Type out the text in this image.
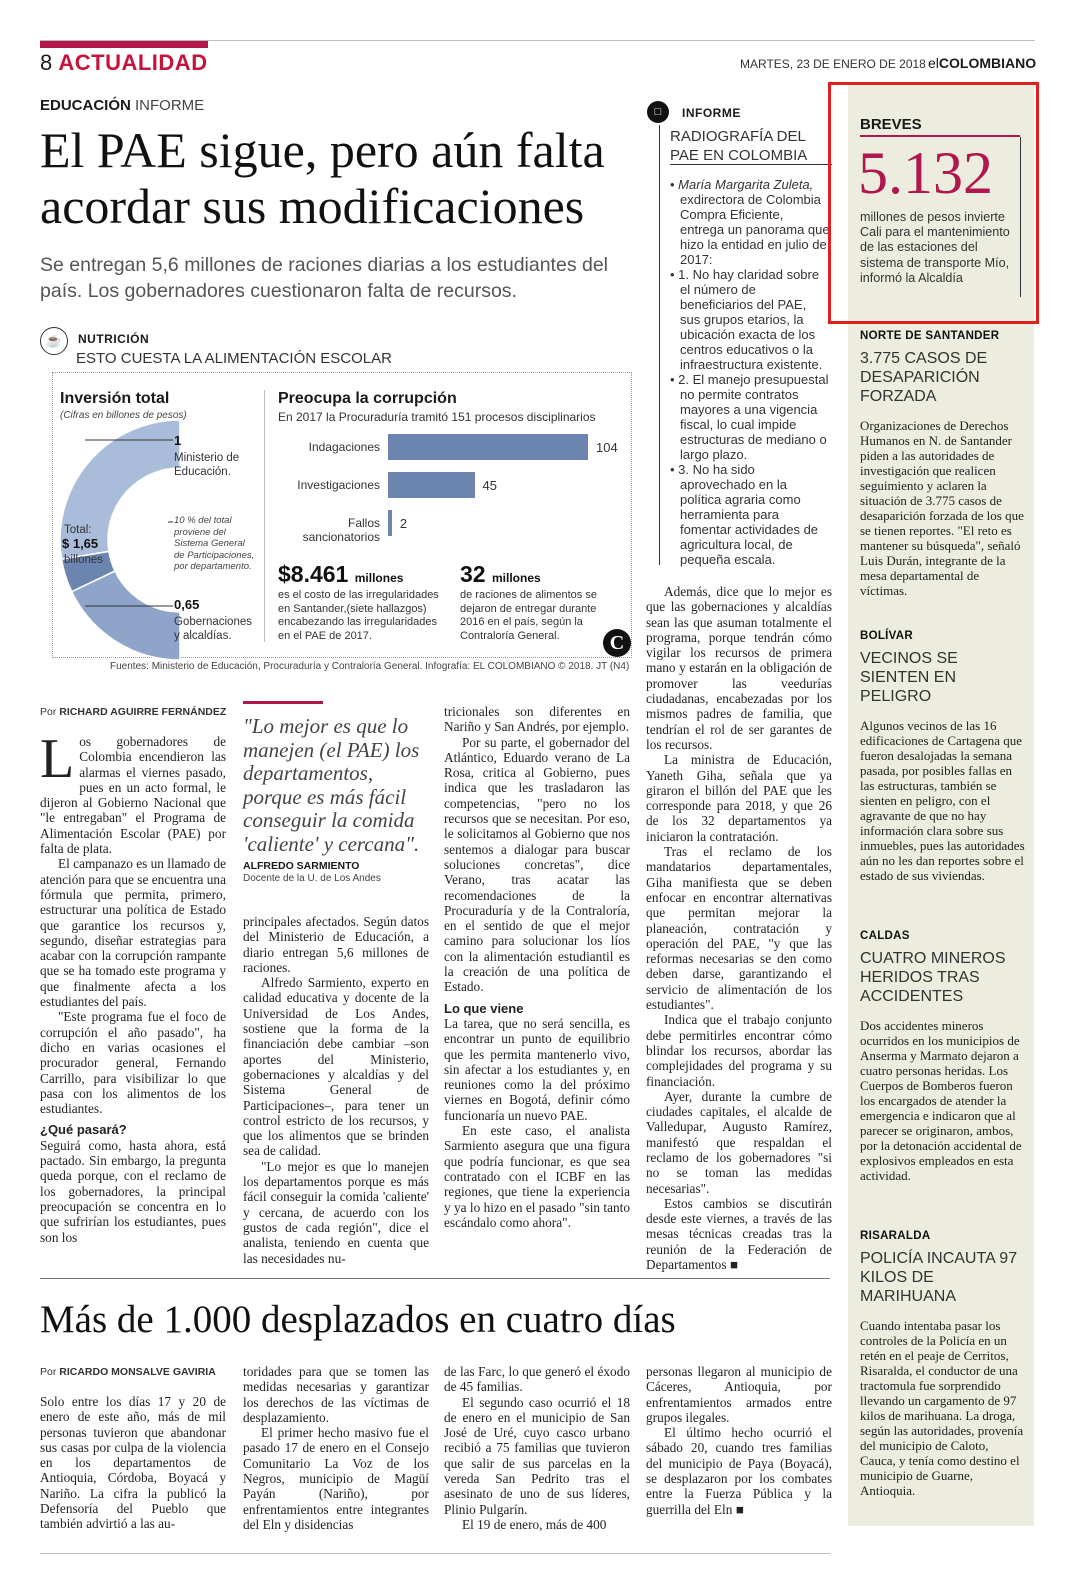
8 ACTUALIDAD	MARTES, 23 DE ENERO DE 2018 elCOLOMBIANO
EDUCACIÓN INFORME
El PAE sigue, pero aún falta
acordar sus modificaciones
Se entregan 5,6 millones de raciones diarias a los estudiantes del país. Los gobernadores cuestionaron falta de recursos.
☕	NUTRICIÓN
ESTO CUESTA LA ALIMENTACIÓN ESCOLAR
Inversión total
(Cifras en billones de pesos)
Total:
$ 1,65
billones
1
Ministerio de Educación.
10 % del total proviene del Sistema General de Participaciones, por departamento.
0,65
Gobernaciones y alcaldías.
Preocupa la corrupción
En 2017 la Procuraduría tramitó 151 procesos disciplinarios
Indagaciones	104
Investigaciones	45
Fallos sancionatorios
2
$8.461 millones
es el costo de las irregularidades en Santander,(siete hallazgos) encabezando las irregularidades en el PAE de 2017.
32 millones
de raciones de alimentos se dejaron de entregar durante 2016 en el país, según la Contraloría General.	C
Fuentes: Ministerio de Educación, Procuraduría y Contraloría General. Infografía: EL COLOMBIANO © 2018. JT (N4)
Por RICHARD AGUIRRE FERNÁNDEZ

Los gobernadores de Colombia encendieron las alarmas el viernes pasado, pues en un acto formal, le dijeron al Gobierno Nacional que "le entregaban" el Programa de Alimentación Escolar (PAE) por falta de plata.

El campanazo es un llamado de atención para que se encuentra una fórmula que permita, primero, estructurar una política de Estado que garantice los recursos y, segundo, diseñar estrategias para acabar con la corrupción rampante que se ha tomado este programa y que finalmente afecta a los estudiantes del país.

"Este programa fue el foco de corrupción el año pasado", ha dicho en varias ocasiones el procurador general, Fernando Carrillo, para visibilizar lo que pasa con los alimentos de los estudiantes.

¿Qué pasará?

Seguirá como, hasta ahora, está pactado. Sin embargo, la pregunta queda porque, con el reclamo de los gobernadores, la principal preocupación se concentra en lo que sufrirían los estudiantes, pues son los

"Lo mejor es que lo manejen (el PAE) los departamentos, porque es más fácil conseguir la comida 'caliente' y cercana".
ALFREDO SARMIENTO
Docente de la U. de Los Andes

principales afectados. Según datos del Ministerio de Educación, a diario entregan 5,6 millones de raciones.

Alfredo Sarmiento, experto en calidad educativa y docente de la Universidad de Los Andes, sostiene que la forma de la financiación debe cambiar –son aportes del Ministerio, gobernaciones y alcaldías y del Sistema General de Participaciones–, para tener un control estricto de los recursos, y que los alimentos que se brinden sea de calidad.

"Lo mejor es que lo manejen los departamentos porque es más fácil conseguir la comida 'caliente' y cercana, de acuerdo con los gustos de cada región", dice el analista, teniendo en cuenta que las necesidades nu-

tricionales son diferentes en Nariño y San Andrés, por ejemplo.

Por su parte, el gobernador del Atlántico, Eduardo verano de La Rosa, critica al Gobierno, pues indica que les trasladaron las competencias, "pero no los recursos que se necesitan. Por eso, le solicitamos al Gobierno que nos sentemos a dialogar para buscar soluciones concretas", dice Verano, tras acatar las recomendaciones de la Procuraduría y de la Contraloría, en el sentido de que el mejor camino para solucionar los líos con la alimentación estudiantil es la creación de una política de Estado.

Lo que viene

La tarea, que no será sencilla, es encontrar un punto de equilibrio que les permita mantenerlo vivo, sin afectar a los estudiantes y, en reuniones como la del próximo viernes en Bogotá, definir cómo funcionaría un nuevo PAE.

En este caso, el analista Sarmiento asegura que una figura que podría funcionar, es que sea contratado con el ICBF en las regiones, que tiene la experiencia y ya lo hizo en el pasado "sin tanto escándalo como ahora".

Además, dice que lo mejor es que las gobernaciones y alcaldías sean las que asuman totalmente el programa, porque tendrán cómo vigilar los recursos de primera mano y estarán en la obligación de promover las veedurías ciudadanas, encabezadas por los mismos padres de familia, que tendrían el rol de ser garantes de los recursos.

La ministra de Educación, Yaneth Giha, señala que ya giraron el billón del PAE que les corresponde para 2018, y que 26 de los 32 departamentos ya iniciaron la contratación.

Tras el reclamo de los mandatarios departamentales, Giha manifiesta que se deben enfocar en encontrar alternativas que permitan mejorar la planeación, contratación y operación del PAE, "y que las reformas necesarias se den como deben darse, garantizando el servicio de alimentación de los estudiantes".

Indica que el trabajo conjunto debe permitirles encontrar cómo blindar los recursos, abordar las complejidades del programa y su financiación.

Ayer, durante la cumbre de ciudades capitales, el alcalde de Valledupar, Augusto Ramírez, manifestó que respaldan el reclamo de los gobernadores "si no se toman las medidas necesarias".

Estos cambios se discutirán desde este viernes, a través de las mesas técnicas creadas tras la reunión de la Federación de Departamentos ■

□	INFORME
RADIOGRAFÍA DEL PAE EN COLOMBIA
• María Margarita Zuleta, exdirectora de Colombia Compra Eficiente, entrega un panorama que hizo la entidad en julio de 2017:
• 1. No hay claridad sobre el número de beneficiarios del PAE, sus grupos etarios, la ubicación exacta de los centros educativos o la infraestructura existente.
• 2. El manejo presupuestal no permite contratos mayores a una vigencia fiscal, lo cual impide estructuras de mediano o largo plazo.
• 3. No ha sido aprovechado en la política agraria como herramienta para fomentar actividades de agricultura local, de pequeña escala.
BREVES
5.132
millones de pesos invierte Cali para el mantenimiento de las estaciones del sistema de transporte Mío, informó la Alcaldía
NORTE DE SANTANDER
3.775 CASOS DE DESAPARICIÓN FORZADA
Organizaciones de Derechos Humanos en N. de Santander piden a las autoridades de investigación que realicen seguimiento y aclaren la situación de 3.775 casos de desaparición forzada de los que se tienen reportes. "El reto es mantener su búsqueda", señaló Luis Durán, integrante de la mesa departamental de víctimas.
BOLÍVAR
VECINOS SE SIENTEN EN PELIGRO
Algunos vecinos de las 16 edificaciones de Cartagena que fueron desalojadas la semana pasada, por posibles fallas en las estructuras, también se sienten en peligro, con el agravante de que no hay información clara sobre sus inmuebles, pues las autoridades aún no les dan reportes sobre el estado de sus viviendas.
CALDAS
CUATRO MINEROS HERIDOS TRAS ACCIDENTES
Dos accidentes mineros ocurridos en los municipios de Anserma y Marmato dejaron a cuatro personas heridas. Los Cuerpos de Bomberos fueron los encargados de atender la emergencia e indicaron que al parecer se originaron, ambos, por la detonación accidental de explosivos empleados en esta actividad.
RISARALDA
POLICÍA INCAUTA 97 KILOS DE MARIHUANA
Cuando intentaba pasar los controles de la Policía en un retén en el peaje de Cerritos, Risaralda, el conductor de una tractomula fue sorprendido llevando un cargamento de 97 kilos de marihuana. La droga, según las autoridades, provenía del municipio de Caloto, Cauca, y tenía como destino el municipio de Guarne, Antioquia.
Más de 1.000 desplazados en cuatro días
Por RICARDO MONSALVE GAVIRIA

Solo entre los días 17 y 20 de enero de este año, más de mil personas tuvieron que abandonar sus casas por culpa de la violencia en los departamentos de Antioquia, Córdoba, Boyacá y Nariño. La cifra la publicó la Defensoría del Pueblo que también advirtió a las au-

toridades para que se tomen las medidas necesarias y garantizar los derechos de las víctimas de desplazamiento.

El primer hecho masivo fue el pasado 17 de enero en el Consejo Comunitario La Voz de los Negros, municipio de Magüí Payán (Nariño), por enfrentamientos entre integrantes del Eln y disidencias

de las Farc, lo que generó el éxodo de 45 familias.

El segundo caso ocurrió el 18 de enero en el municipio de San José de Uré, cuyo casco urbano recibió a 75 familias que tuvieron que salir de sus parcelas en la vereda San Pedrito tras el asesinato de uno de sus líderes, Plinio Pulgarín.

El 19 de enero, más de 400

personas llegaron al municipio de Cáceres, Antioquia, por enfrentamientos armados entre grupos ilegales.

El último hecho ocurrió el sábado 20, cuando tres familias del municipio de Paya (Boyacá), se desplazaron por los combates entre la Fuerza Pública y la guerrilla del Eln ■
